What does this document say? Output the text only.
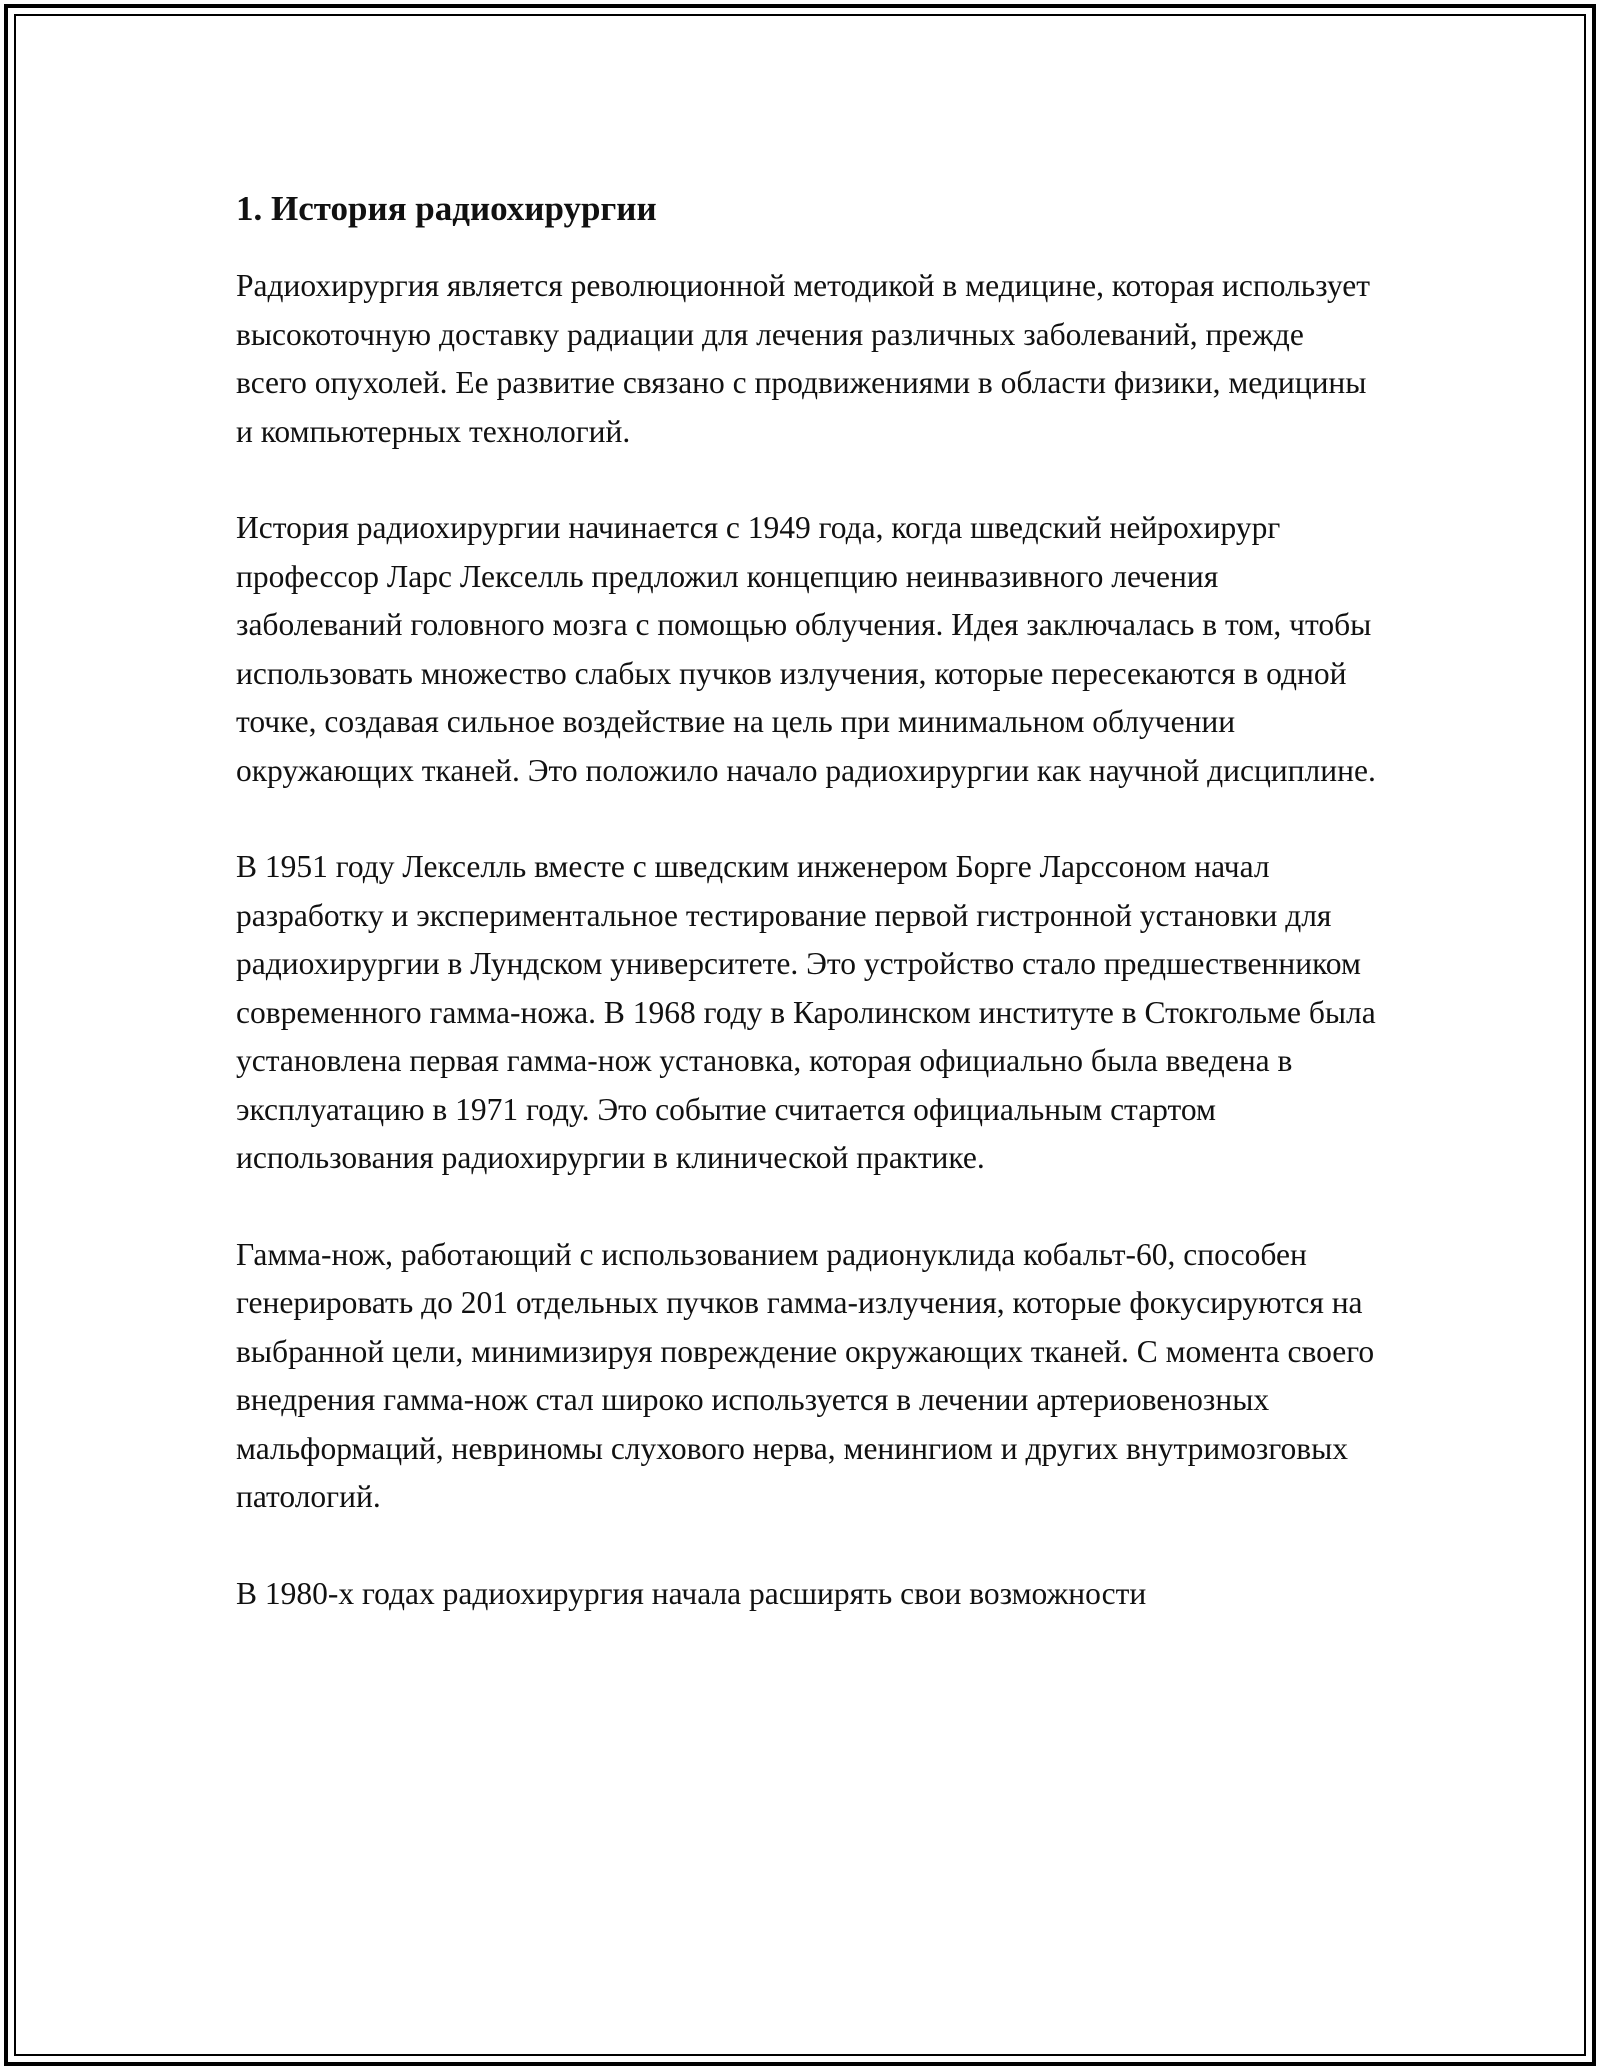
1. История радиохирургии

Радиохирургия является революционной методикой в медицине, которая использует высокоточную доставку радиации для лечения различных заболеваний, прежде всего опухолей. Ее развитие связано с продвижениями в области физики, медицины и компьютерных технологий.

История радиохирургии начинается с 1949 года, когда шведский нейрохирург профессор Ларс Лекселль предложил концепцию неинвазивного лечения заболеваний головного мозга с помощью облучения. Идея заключалась в том, чтобы использовать множество слабых пучков излучения, которые пересекаются в одной точке, создавая сильное воздействие на цель при минимальном облучении окружающих тканей. Это положило начало радиохирургии как научной дисциплине.

В 1951 году Лекселль вместе с шведским инженером Борге Ларссоном начал разработку и экспериментальное тестирование первой гистронной установки для радиохирургии в Лундском университете. Это устройство стало предшественником современного гамма-ножа. В 1968 году в Каролинском институте в Стокгольме была установлена первая гамма-нож установка, которая официально была введена в эксплуатацию в 1971 году. Это событие считается официальным стартом использования радиохирургии в клинической практике.

Гамма-нож, работающий с использованием радионуклида кобальт-60, способен генерировать до 201 отдельных пучков гамма-излучения, которые фокусируются на выбранной цели, минимизируя повреждение окружающих тканей. С момента своего внедрения гамма-нож стал широко используется в лечении артериовенозных мальформаций, невриномы слухового нерва, менингиом и других внутримозговых патологий.

В 1980-х годах радиохирургия начала расширять свои возможности
